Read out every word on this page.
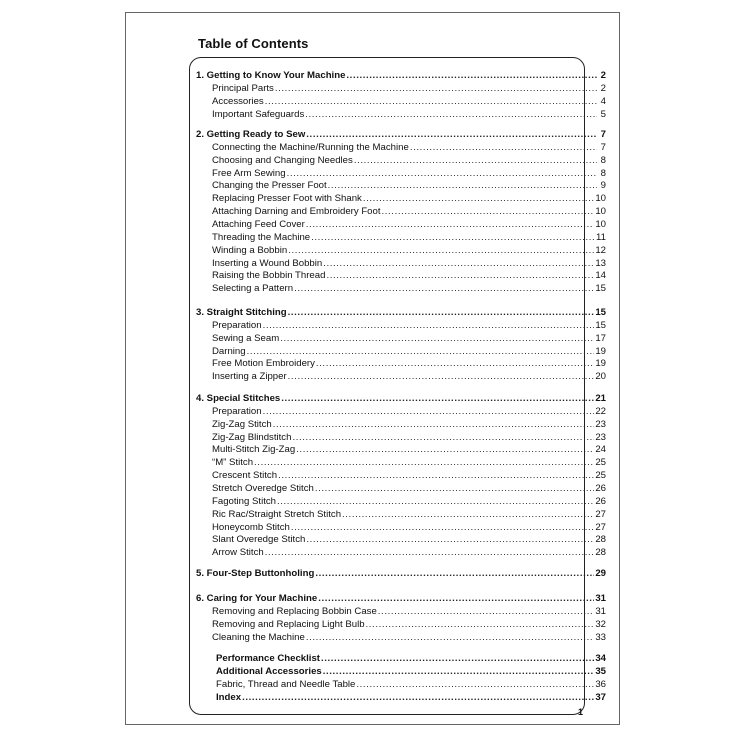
Table of Contents
1. Getting to Know Your Machine .....	2
Principal Parts .....	2
Accessories .....	4
Important Safeguards .....	5
2. Getting Ready to Sew .....	7
Connecting the Machine/Running the Machine .....	7
Choosing and Changing Needles .....	8
Free Arm Sewing .....	8
Changing the Presser Foot .....	9
Replacing Presser Foot with Shank .....	10
Attaching Darning and Embroidery Foot .....	10
Attaching Feed Cover .....	10
Threading the Machine .....	11
Winding a Bobbin .....	12
Inserting a Wound Bobbin .....	13
Raising the Bobbin Thread .....	14
Selecting a Pattern .....	15
3. Straight Stitching .....	15
Preparation .....	15
Sewing a Seam .....	17
Darning .....	19
Free Motion Embroidery .....	19
Inserting a Zipper .....	20
4. Special Stitches .....	21
Preparation .....	22
Zig-Zag Stitch .....	23
Zig-Zag Blindstitch .....	23
Multi-Stitch Zig-Zag .....	24
“M” Stitch .....	25
Crescent Stitch .....	25
Stretch Overedge Stitch .....	26
Fagoting Stitch .....	26
Ric Rac/Straight Stretch Stitch .....	27
Honeycomb Stitch .....	27
Slant Overedge Stitch .....	28
Arrow Stitch .....	28
5. Four-Step Buttonholing .....	29
6. Caring for Your Machine .....	31
Removing and Replacing Bobbin Case .....	31
Removing and Replacing Light Bulb .....	32
Cleaning the Machine .....	33
Performance Checklist .....	34
Additional Accessories .....	35
Fabric, Thread and Needle Table .....	36
Index .....	37
1
